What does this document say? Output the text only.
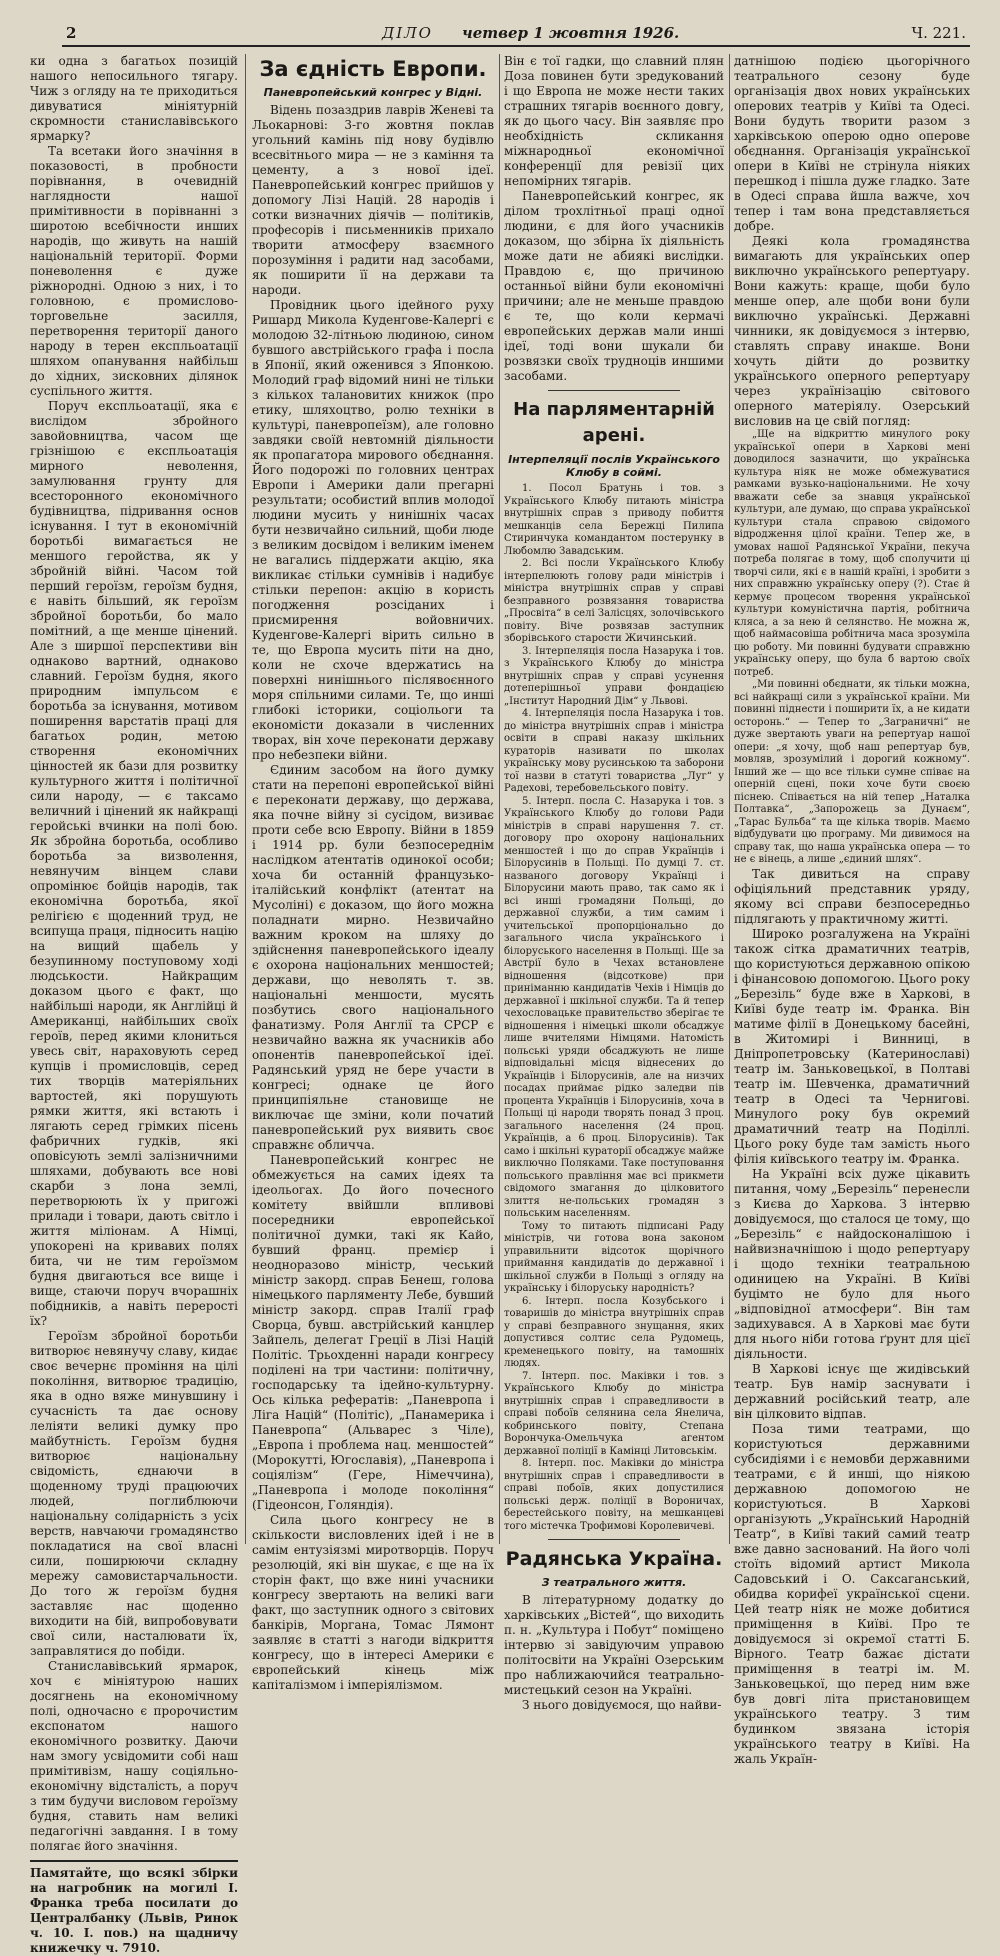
2	ДІЛО четвер 1 жовтня 1926.	Ч. 221.

ки одна з багатьох позицій нашого непосильного тягару. Чиж з огляду на те приходиться дивуватися мініятурній скромности станиславівського ярмарку?

Та всетаки його значіння в показовості, в пробности порівнання, в очевидній наглядности нашої примітивности в порівнанні з широтою всебічности инших народів, що живуть на нашій національній території. Форми поневолення є дуже ріжнородні. Одною з них, і то головною, є промислово-торговельне засилля, перетворення території даного народу в терен експльоатації шляхом опанування найбільш до хідних, зисковних ділянок суспільного життя.

Поруч експльоатації, яка є вислідом збройного завойовництва, часом ще грізнішою є експльоатація мирного неволення, замулювання грунту для всесторонного економічного будівництва, підривання основ існування. І тут в економічній боротьбі вимагається не меншого геройства, як у збройній війні. Часом той перший героїзм, героїзм будня, є навіть більший, як героїзм збройної боротьби, бо мало помітний, а ще менше цінений. Але з ширшої перспективи він однаково вартний, однаково славний. Героїзм будня, якого природним імпульсом є боротьба за існування, мотивом поширення варстатів праці для багатьох родин, метою створення економічних цінностей як бази для розвитку культурного життя і політичної сили народу, — є таксамо величний і цінений як найкращі геройські вчинки на полі бою. Як збройна боротьба, особливо боротьба за визволення, невянучим вінцем слави опромінює бойців народів, так економічна боротьба, якої релігією є щоденний труд, не всипуща праця, підносить націю на вищий щабель у безупинному поступовому ході людськости. Найкращим доказом цього є факт, що найбільші народи, як Англійці й Американці, найбільших своїх героїв, перед якими клониться увесь світ, нараховують серед купців і промисловців, серед тих творців матеріяльних вартостей, які порушують рямки життя, які встають і лягають серед грімких пісень фабричних гудків, які оповісують землі залізничними шляхами, добувають все нові скарби з лона землі, перетворюють їх у пригожі прилади і товари, дають світло і життя міліонам. А Німці, упокорені на кривавих полях бита, чи не тим героїзмом будня двигаються все вище і вище, стаючи поруч вчорашніх побідників, а навіть перерості їх?

Героїзм збройної боротьби витворює невянучу славу, кидає своє вечернє проміння на цілі покоління, витворює традицію, яка в одно вяже минувшину і сучасність та дає основу леліяти великі думку про майбутність. Героїзм будня витворює національну свідомість, єднаючи в щоденному труді працюючих людей, поглиблюючи національну солідарність з усіх верств, навчаючи громадянство покладатися на свої власні сили, поширюючи складну мережу самовистарчальности. До того ж героїзм будня заставляє нас щоденно виходити на бій, випробовувати свої сили, насталювати їх, заправлятися до побіди.

Станиславівський ярмарок, хоч є мініятурою наших досягнень на економічному полі, одночасно є пророчистим експонатом нашого економічного розвитку. Даючи нам змогу усвідомити собі наш примітивізм, нашу соціяльно-економічну відсталість, а поруч з тим будучи висловом героїзму будня, ставить нам великі педагогічні завдання. І в тому полягає його значіння.

Памятайте, що всякі збірки на нагробник на могилі І. Франка треба посилати до Централбанку (Львів, Ринок ч. 10. І. пов.) на щадничу книжечку ч. 7910.

За єдність Европи.
Паневропейський конгрес у Відні.

Відень позаздрив лаврів Женеві та Льокарнові: 3-го жовтня поклав угольний камінь під нову будівлю всесвітнього мира — не з каміння та цементу, а з нової ідеї. Паневропейський конгрес прийшов у допомогу Лізі Націй. 28 народів і сотки визначних діячів — політиків, професорів і письменників прихало творити атмосферу взаємного порозуміння і радити над засобами, як поширити її на держави та народи.

Провідник цього ідейного руху Ришард Микола Куденгове-Калергі є молодою 32-літньою людиною, сином бувшого австрійського графа і посла в Японії, який оженився з Японкою. Молодий граф відомий нині не тільки з кількох талановитих книжок (про етику, шляхоцтво, ролю техніки в культурі, паневропеїзм), але головно завдяки своїй невтомній діяльности як пропагатора мирового обєднання. Його подорожі по головних центрах Европи і Америки дали прегарні результати; особистий вплив молодої людини мусить у нинішніх часах бути незвичайно сильний, щоби люде з великим досвідом і великим іменем не вагались піддержати акцію, яка викликає стільки сумнівів і надибує стільки перепон: акцію в користь погодження розсіданих і присмирення войовничих. Куденгове-Калергі вірить сильно в те, що Европа мусить піти на дно, коли не схоче вдержатись на поверхні нинішнього післявоєнного моря спільними силами. Те, що инші глибокі історики, соціольоги та економісти доказали в численних творах, він хоче переконати державу про небезпеки війни.

Єдиним засобом на його думку стати на перепоні европейської війні є переконати державу, що держава, яка почне війну зі сусідом, визиває проти себе всю Европу. Війни в 1859 і 1914 рр. були безпосереднім наслідком атентатів одинокої особи; хоча би останній французько-італійський конфлікт (атентат на Мусоліні) є доказом, що його можна поладнати мирно. Незвичайно важним кроком на шляху до здійснення паневропейського ідеалу є охорона національних меншостей; держави, що неволять т. зв. національні меншости, мусять позбутись свого національного фанатизму. Роля Англії та СРСР є незвичайно важна як учасників або опонентів паневропейської ідеї. Радянський уряд не бере участи в конгресі; однаке це його принципіяльне становище не виключає ще зміни, коли початий паневропейський рух виявить своє справжнє обличча.

Паневропейський конгрес не обмежується на самих ідеях та ідеольогах. До його почесного комітету ввійшли впливові посередники европейської політичної думки, такі як Кайо, бувший франц. премієр і неодноразово міністр, чеський міністр закорд. справ Бенеш, голова німецького парляменту Лебе, бувший міністр закорд. справ Італії граф Сворца, бувш. австрійський канцлер Зайпель, делегат Греції в Лізі Націй Політіс. Трьохденні наради конгресу поділені на три частини: політичну, господарську та ідейно-культурну. Ось кілька рефератів: „Паневропа і Ліга Націй“ (Політіс), „Панамерика і Паневропа“ (Альварес з Чіле), „Европа і проблема нац. меншостей“ (Морокутті, Югославія), „Паневропа і соціялізм“ (Гере, Німеччина), „Паневропа і молоде покоління“ (Гідеонсон, Голяндія).

Сила цього конгресу не в скількости висловлених ідей і не в самім ентузіязмі миротворців. Поруч резолюцій, які він шукає, є ще на їх сторін факт, що вже нині учасники конгресу звертають на великі ваги факт, що заступник одного з світових банкірів, Моргана, Томас Лямонт заявляє в статті з нагоди відкриття конгресу, що в інтересі Америки є європейський кінець між капіталізмом і імперіялізмом.

Він є тої гадки, що славний плян Доза повинен бути зредукований і що Европа не може нести таких страшних тягарів воєнного довгу, як до цього часу. Він заявляє про необхідність скликання міжнародньої економічної конференції для ревізії цих непомірних тягарів.

Паневропейський конгрес, як ділом трохлітньої праці одної людини, є для його учасників доказом, що збірна їх діяльність може дати не абиякі вислідки. Правдою є, що причиною останньої війни були економічні причини; але не меньше правдою є те, що коли кермачі европейських держав мали инші ідеї, тоді вони шукали би розвязки своїх трудноців иншими засобами.

На парляментарній арені.
Інтерпеляції послів Українського Клюбу в соймі.

1. Посол Братунь і тов. з Українського Клюбу питають міністра внутрішніх справ з приводу побиття мешканців села Бережці Пилипа Стиринчука командантом постерунку в Любомлю Завадським.

2. Всі посли Українського Клюбу інтерпелюють голову ради міністрів і міністра внутрішніх справ у справі безправного розвязання товариства „Просвіта“ в селі Залісцях, золочівського повіту. Віче розвязав заступник зборівського старости Жичинський.

3. Інтерпеляція посла Назарука і тов. з Українського Клюбу до міністра внутрішніх справ у справі усунення дотеперішньої управи фондацією „Інститут Народний Дім“ у Львові.

4. Інтерпеляція посла Назарука і тов. до міністра внутрішніх справ і міністра освіти в справі наказу шкільних кураторів називати по школах українську мову русинською та заборони тої назви в статуті товариства „Луг“ у Радехові, теребовельського повіту.

5. Інтерп. посла С. Назарука і тов. з Українського Клюбу до голови Ради міністрів в справі нарушення 7. ст. договору про охорону національних меншостей і що до справ Українців і Білорусинів в Польщі. По думці 7. ст. названого договору Українці і Білорусини мають право, так само як і всі инші громадяни Польщі, до державної служби, а тим самим і учительської пропорціонально до загального числа українського і білоруського населення в Польщі. Ще за Австрії було в Чехах встановлене відношення (відсоткове) при приніманню кандидатів Чехів і Німців до державної і шкільної служби. Та й тепер чехословацьке правительство зберігає те відношення і німецькі школи обсаджує лише вчителями Німцями. Натомість польські уряди обсаджують не лише відповідальні місця віднесених до Українців і Білорусинів, але на низчих посадах приймає рідко заледви пів процента Українців і Білорусинів, хоча в Польщі ці народи творять понад 3 проц. загального населення (24 проц. Українців, а 6 проц. Білорусинів). Так само і шкільні кураторії обсаджує майже виключно Поляками. Таке поступовання польського правління має всі прикмети свідомого змагання до цілковитого злиття не-польських громадян з польським населенням.

Тому то питають підписані Раду міністрів, чи готова вона законом управильнити відсоток щорічного приймання кандидатів до державної і шкільної служби в Польщі з огляду на українську і білоруську народність?

6. Інтерп. посла Козубського і товаришів до міністра внутрішніх справ у справі безправного знущання, яких допустився солтис села Рудомець, кременецького повіту, на тамошніх людях.

7. Інтерп. пос. Маківки і тов. з Українського Клюбу до міністра внутрішніх справ і справедливости в справі побоїв селянина села Янелича, кобринського повіту, Степана Ворончука-Омельчука агентом державної поліції в Камінці Литовськім.

8. Інтерп. пос. Маківки до міністра внутрішніх справ і справедливости в справі побоїв, яких допустилися польські держ. поліції в Вороничах, берестейського повіту, на мешканцеві того містечка Трофимові Королевичеві.

Радянська Україна.
З театрального життя.

В літературному додатку до харківських „Вістей“, що виходить п. н. „Культура і Побут“ поміщено інтервю зі завідуючим управою політосвіти на Україні Озерським про наближаючийся театрально-мистецький сезон на Україні.

З нього довідуємося, що найви-

датнішою подією цьогорічного театрального сезону буде організація двох нових українських оперових театрів у Київі та Одесі. Вони будуть творити разом з харківською оперою одно оперове обєднання. Організація української опери в Київі не стрінула ніяких перешкод і пішла дуже гладко. Зате в Одесі справа йшла важче, хоч тепер і там вона представляється добре.

Деякі кола громадянства вимагають для українських опер виключно українського репертуару. Вони кажуть: краще, щоби було менше опер, але щоби вони були виключно українські. Державні чинники, як довідуємося з інтервю, ставлять справу инакше. Вони хочуть дійти до розвитку українського оперного репертуару через українізацію світового оперного матеріялу. Озерський висловив на це свій погляд:

„Ще на відкриттю минулого року української опери в Харкові мені доводилося зазначити, що українська культура ніяк не може обмежуватися рамками вузько-національними. Не хочу вважати себе за знавця української культури, але думаю, що справа української культури стала справою свідомого відродження цілої країни. Тепер же, в умовах нашої Радянської України, пекуча потреба полягає в тому, щоб сполучити ці творчі сили, які є в нашій країні, і зробити з них справжню українську оперу (?). Стає й кермує процесом творення української культури комуністична партія, робітнича кляса, а за нею й селянство. Не можна ж, щоб наймасовіша робітнича маса зрозуміла цю роботу. Ми повинні будувати справжню українську оперу, що була б вартою своїх потреб.

„Ми повинні обєднати, як тільки можна, всі найкращі сили з української країни. Ми повинні піднести і поширити їх, а не кидати осторонь.“ — Тепер то „Заграничні“ не дуже звертають уваги на репертуар нашої опери: „я хочу, щоб наш репертуар був, мовляв, зрозумілий і дорогий кожному“. Інший же — що все тільки сумне співає на оперній сцені, поки хоче бути своєю піснею. Співається на ній тепер „Наталка Полтавка“, „Запорожець за Дунаєм“, „Тарас Бульба“ та ще кілька творів. Маємо відбудувати цю програму. Ми дивимося на справу так, що наша українська опера — то не є вінець, а лише „єдиний шлях“.

Так дивиться на справу офіціяльний представник уряду, якому всі справи безпосередньо підлягають у практичному житті.

Широко розгалужена на Україні також сітка драматичних театрів, що користуються державною опікою і фінансовою допомогою. Цього року „Березіль“ буде вже в Харкові, в Київі буде театр ім. Франка. Він матиме філії в Донецькому басейні, в Житомирі і Винниці, в Дніпропетровську (Катеринославі) театр ім. Заньковецької, в Полтаві театр ім. Шевченка, драматичний театр в Одесі та Чернигові. Минулого року був окремий драматичний театр на Поділлі. Цього року буде там замість нього філія київського театру ім. Франка.

На Україні всіх дуже цікавить питання, чому „Березіль“ перенесли з Києва до Харкова. З інтервю довідуємося, що сталося це тому, що „Березіль“ є найдосконалішою і найвизначнішою і щодо репертуару і щодо техніки театральною одиницею на Україні. В Київі буцімто не було для нього „відповідної атмосфери“. Він там задихувався. А в Харкові має бути для нього ніби готова ґрунт для цієї діяльности.

В Харкові існує ще жидівський театр. Був намір заснувати і державний російський театр, але він цілковито відпав.

Поза тими театрами, що користуються державними субсидіями і є немовби державними театрами, є й инші, що ніякою державною допомогою не користуються. В Харкові організують „Український Народній Театр“, в Київі такий самий театр вже давно заснований. На його чолі стоїть відомий артист Микола Садовський і О. Саксаганський, обидва корифеї української сцени. Цей театр ніяк не може добитися приміщення в Київі. Про те довідуємося зі окремої статті Б. Вірного. Театр бажає дістати приміщення в театрі ім. М. Заньковецької, що перед ним вже був довгі літа пристановищем українського театру. З тим будинком звязана історія українського театру в Київі. На жаль Україн-
